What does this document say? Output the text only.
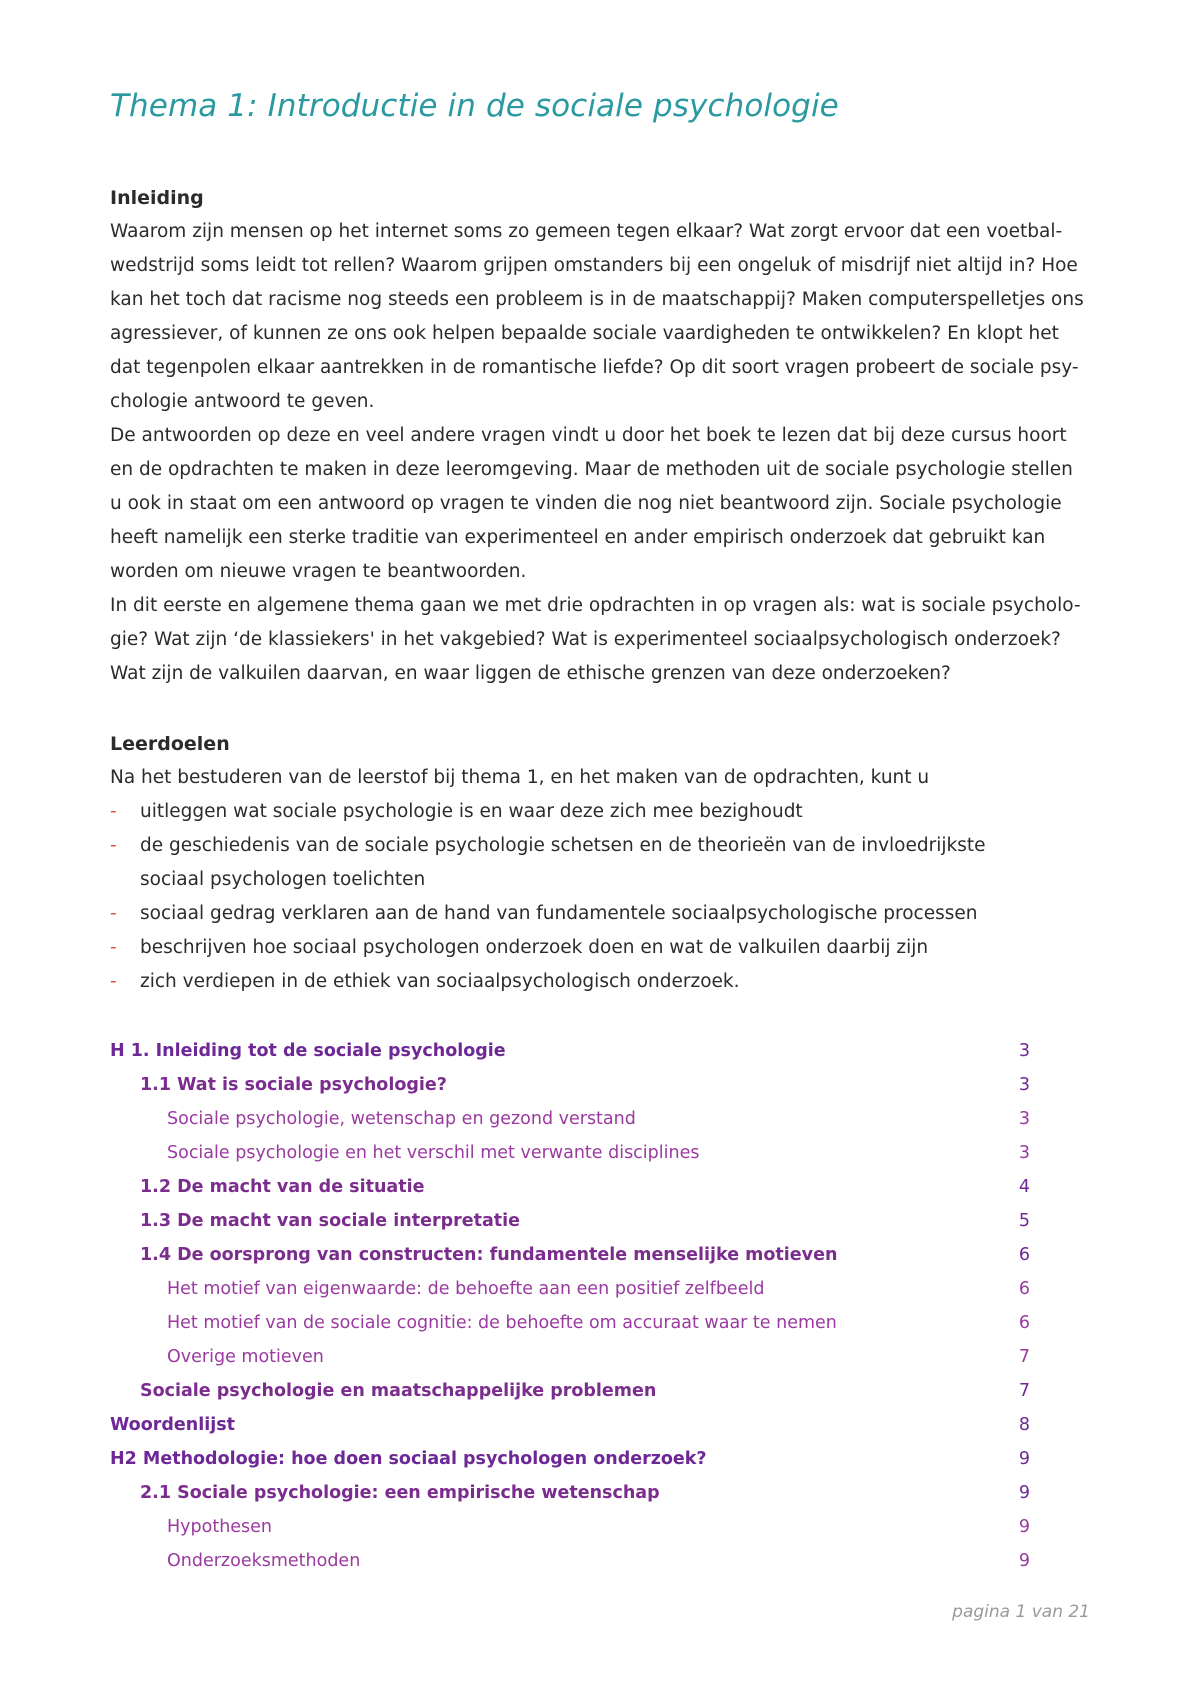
Thema 1: Introductie in de sociale psychologie
Inleiding
Waarom zijn mensen op het internet soms zo gemeen tegen elkaar? Wat zorgt ervoor dat een voetbal-
wedstrijd soms leidt tot rellen? Waarom grijpen omstanders bij een ongeluk of misdrijf niet altijd in? Hoe
kan het toch dat racisme nog steeds een probleem is in de maatschappij? Maken computerspelletjes ons
agressiever, of kunnen ze ons ook helpen bepaalde sociale vaardigheden te ontwikkelen? En klopt het
dat tegenpolen elkaar aantrekken in de romantische liefde? Op dit soort vragen probeert de sociale psy-
chologie antwoord te geven.
De antwoorden op deze en veel andere vragen vindt u door het boek te lezen dat bij deze cursus hoort
en de opdrachten te maken in deze leeromgeving. Maar de methoden uit de sociale psychologie stellen
u ook in staat om een antwoord op vragen te vinden die nog niet beantwoord zijn. Sociale psychologie
heeft namelijk een sterke traditie van experimenteel en ander empirisch onderzoek dat gebruikt kan
worden om nieuwe vragen te beantwoorden.
In dit eerste en algemene thema gaan we met drie opdrachten in op vragen als: wat is sociale psycholo-
gie? Wat zijn ‘de klassiekers' in het vakgebied? Wat is experimenteel sociaalpsychologisch onderzoek?
Wat zijn de valkuilen daarvan, en waar liggen de ethische grenzen van deze onderzoeken?
Leerdoelen

Na het bestuderen van de leerstof bij thema 1, en het maken van de opdrachten, kunt u

- uitleggen wat sociale psychologie is en waar deze zich mee bezighoudt
- de geschiedenis van de sociale psychologie schetsen en de theorieën van de invloedrijkste
sociaal psychologen toelichten
- sociaal gedrag verklaren aan de hand van fundamentele sociaalpsychologische processen
- beschrijven hoe sociaal psychologen onderzoek doen en wat de valkuilen daarbij zijn
- zich verdiepen in de ethiek van sociaalpsychologisch onderzoek.
H 1. Inleiding tot de sociale psychologie	3
1.1 Wat is sociale psychologie?	3
Sociale psychologie, wetenschap en gezond verstand	3
Sociale psychologie en het verschil met verwante disciplines	3
1.2 De macht van de situatie	4
1.3 De macht van sociale interpretatie	5
1.4 De oorsprong van constructen: fundamentele menselijke motieven	6
Het motief van eigenwaarde: de behoefte aan een positief zelfbeeld	6
Het motief van de sociale cognitie: de behoefte om accuraat waar te nemen	6
Overige motieven	7
Sociale psychologie en maatschappelijke problemen	7
Woordenlijst	8
H2 Methodologie: hoe doen sociaal psychologen onderzoek?	9
2.1 Sociale psychologie: een empirische wetenschap	9
Hypothesen	9
Onderzoeksmethoden	9
pagina 1 van 21
